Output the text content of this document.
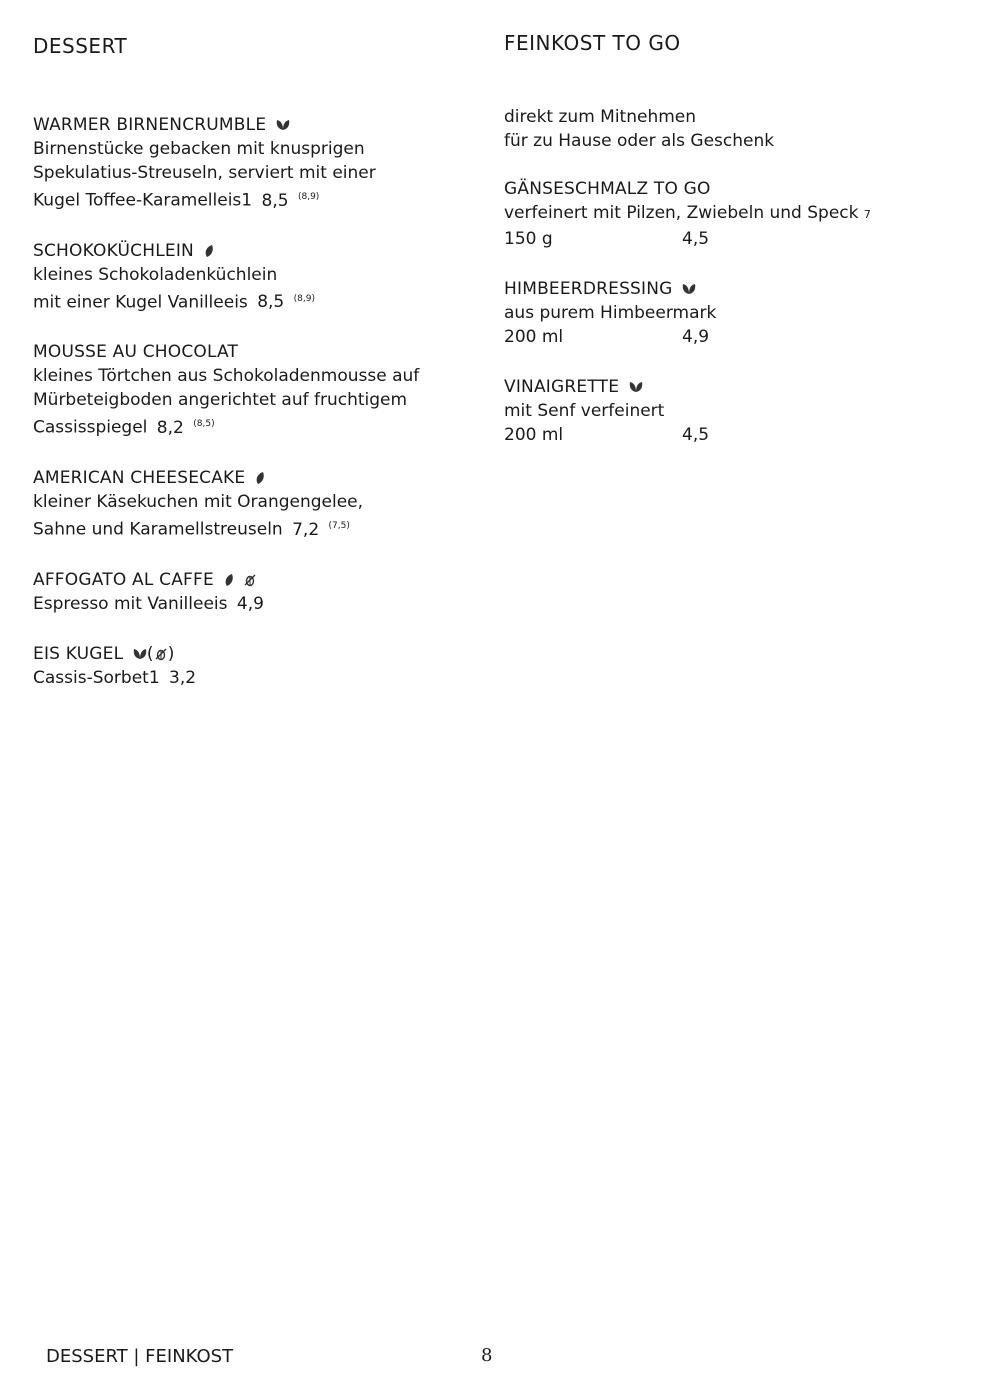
DESSERT
WARMER BIRNENCRUMBLE
Birnenstücke gebacken mit knusprigen
Spekulatius-Streuseln, serviert mit einer
Kugel Toffee-Karamelleis1 8,5 $^{(8,9)}$
SCHOKOKÜCHLEIN
kleines Schokoladenküchlein
mit einer Kugel Vanilleeis 8,5 $^{(8,9)}$
MOUSSE AU CHOCOLAT
kleines Törtchen aus Schokoladenmousse auf
Mürbeteigboden angerichtet auf fruchtigem
Cassisspiegel 8,2 $^{(8,5)}$
AMERICAN CHEESECAKE
kleiner Käsekuchen mit Orangengelee,
Sahne und Karamellstreuseln 7,2 $^{(7,5)}$
AFFOGATO AL CAFFE
Espresso mit Vanilleeis 4,9
EIS KUGEL ( )
Cassis-Sorbet1 3,2
FEINKOST TO GO
direkt zum Mitnehmen
für zu Hause oder als Geschenk
GÄNSESCHMALZ TO GO
verfeinert mit Pilzen, Zwiebeln und Speck 7
150 g	4,5
HIMBEERDRESSING
aus purem Himbeermark
200 ml	4,9
VINAIGRETTE
mit Senf verfeinert
200 ml	4,5
DESSERT | FEINKOST	8
